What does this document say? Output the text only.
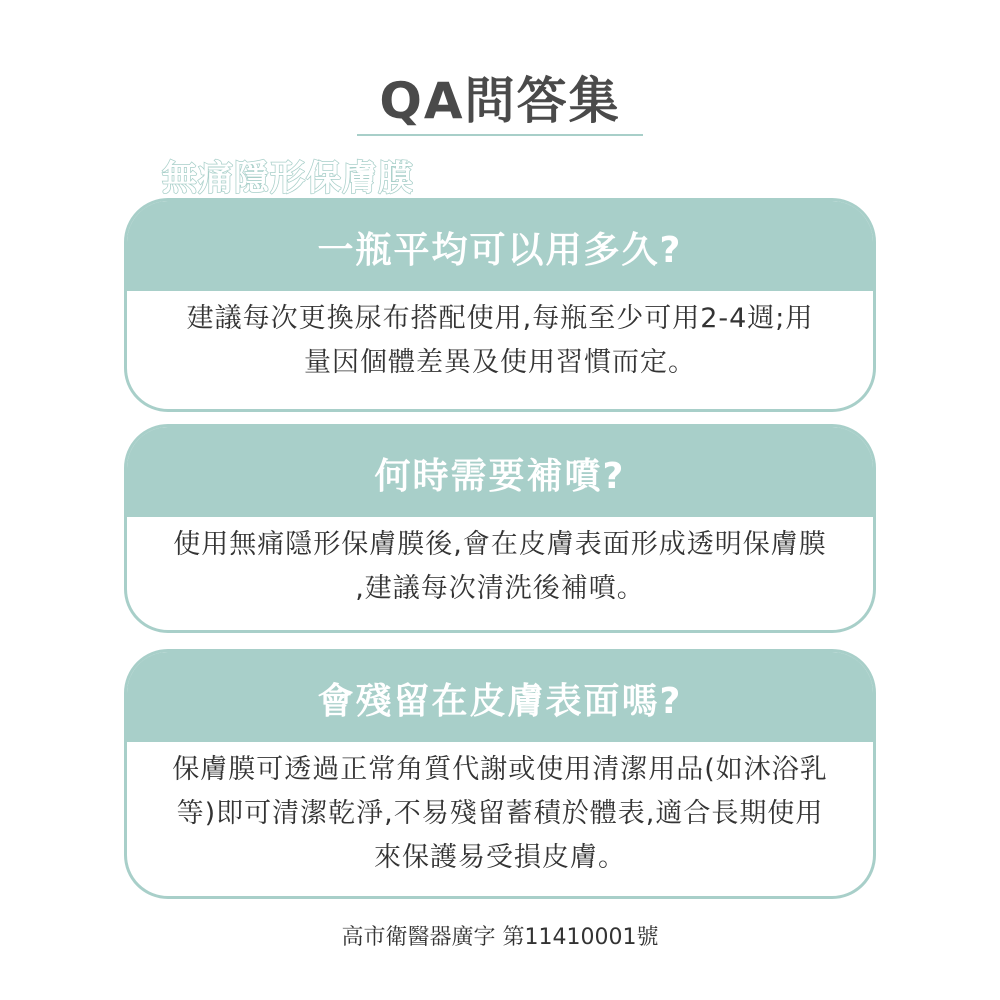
QA問答集
無痛隱形保膚膜
一瓶平均可以用多久?
建議每次更換尿布搭配使用,每瓶至少可用2-4週;用
量因個體差異及使用習慣而定。
何時需要補噴?
使用無痛隱形保膚膜後,會在皮膚表面形成透明保膚膜
,建議每次清洗後補噴。
會殘留在皮膚表面嗎?
保膚膜可透過正常角質代謝或使用清潔用品(如沐浴乳
等)即可清潔乾淨,不易殘留蓄積於體表,適合長期使用
來保護易受損皮膚。
高市衛醫器廣字 第11410001號
